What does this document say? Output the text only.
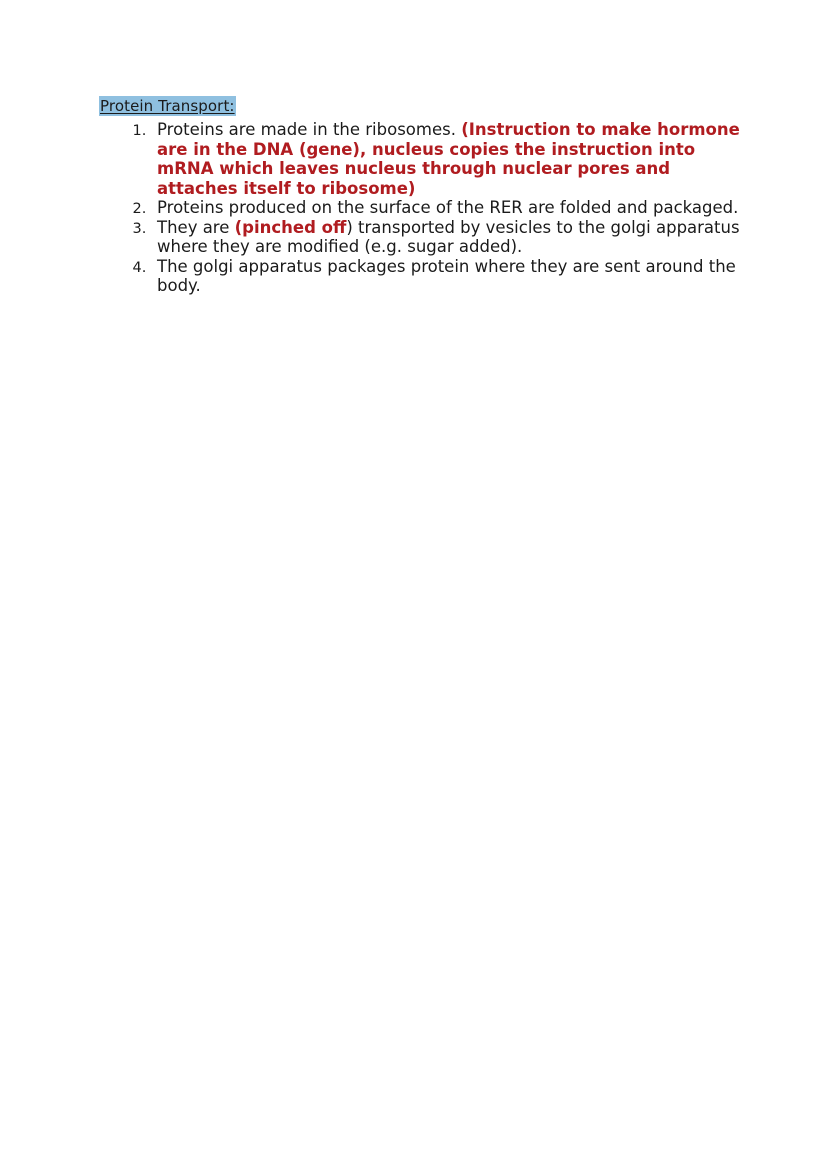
Protein Transport:
1. Proteins are made in the ribosomes. (Instruction to make hormone are in the DNA (gene), nucleus copies the instruction into mRNA which leaves nucleus through nuclear pores and attaches itself to ribosome)
2. Proteins produced on the surface of the RER are folded and packaged.
3. They are (pinched off) transported by vesicles to the golgi apparatus where they are modified (e.g. sugar added).
4. The golgi apparatus packages protein where they are sent around the body.
